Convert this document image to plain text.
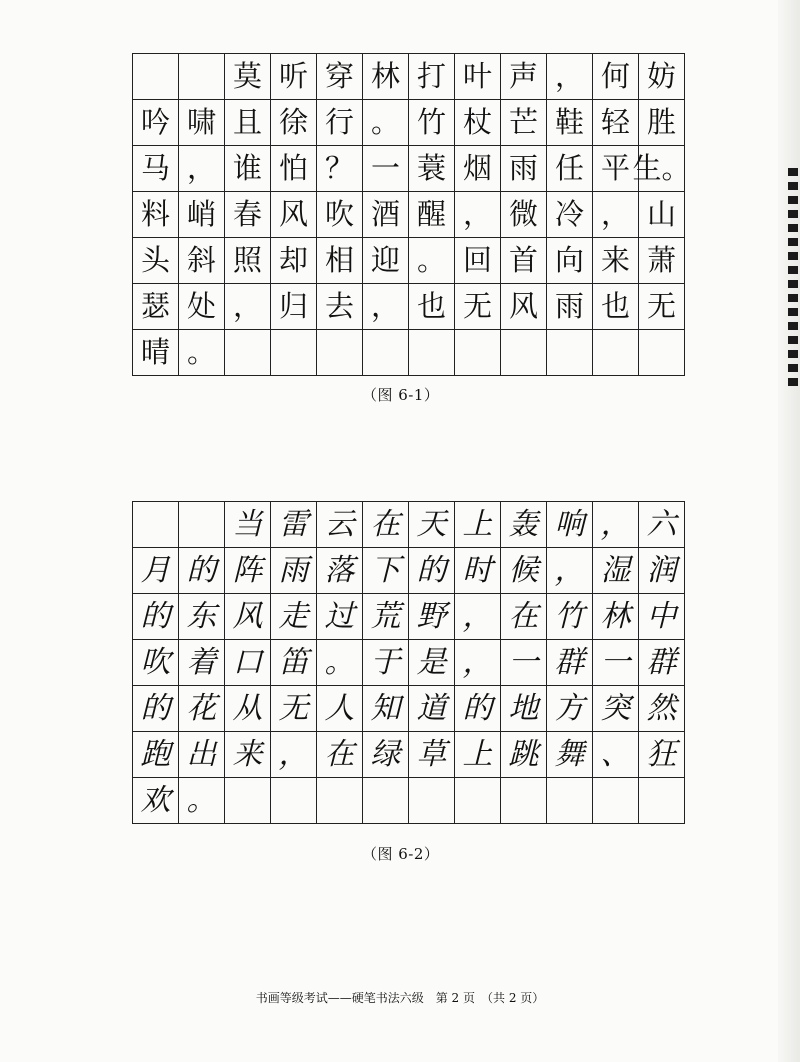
莫 听 穿 林 打 叶 声 ， 何 妨
吟 啸 且 徐 行 。 竹 杖 芒 鞋 轻 胜
马 ， 谁 怕 ？ 一 蓑 烟 雨 任 平 生。
料 峭 春 风 吹 酒 醒 ， 微 冷 ， 山
头 斜 照 却 相 迎 。 回 首 向 来 萧
瑟 处 ， 归 去 ， 也 无 风 雨 也 无
晴 。
（图 6-1）
当 雷 云 在 天 上 轰 响 ， 六
月 的 阵 雨 落 下 的 时 候 ， 湿 润
的 东 风 走 过 荒 野 ， 在 竹 林 中
吹 着 口 笛 。 于 是 ， 一 群 一 群
的 花 从 无 人 知 道 的 地 方 突 然
跑 出 来 ， 在 绿 草 上 跳 舞 、 狂
欢 。
（图 6-2）
书画等级考试——硬笔书法六级　第 2 页　（共 2 页）
